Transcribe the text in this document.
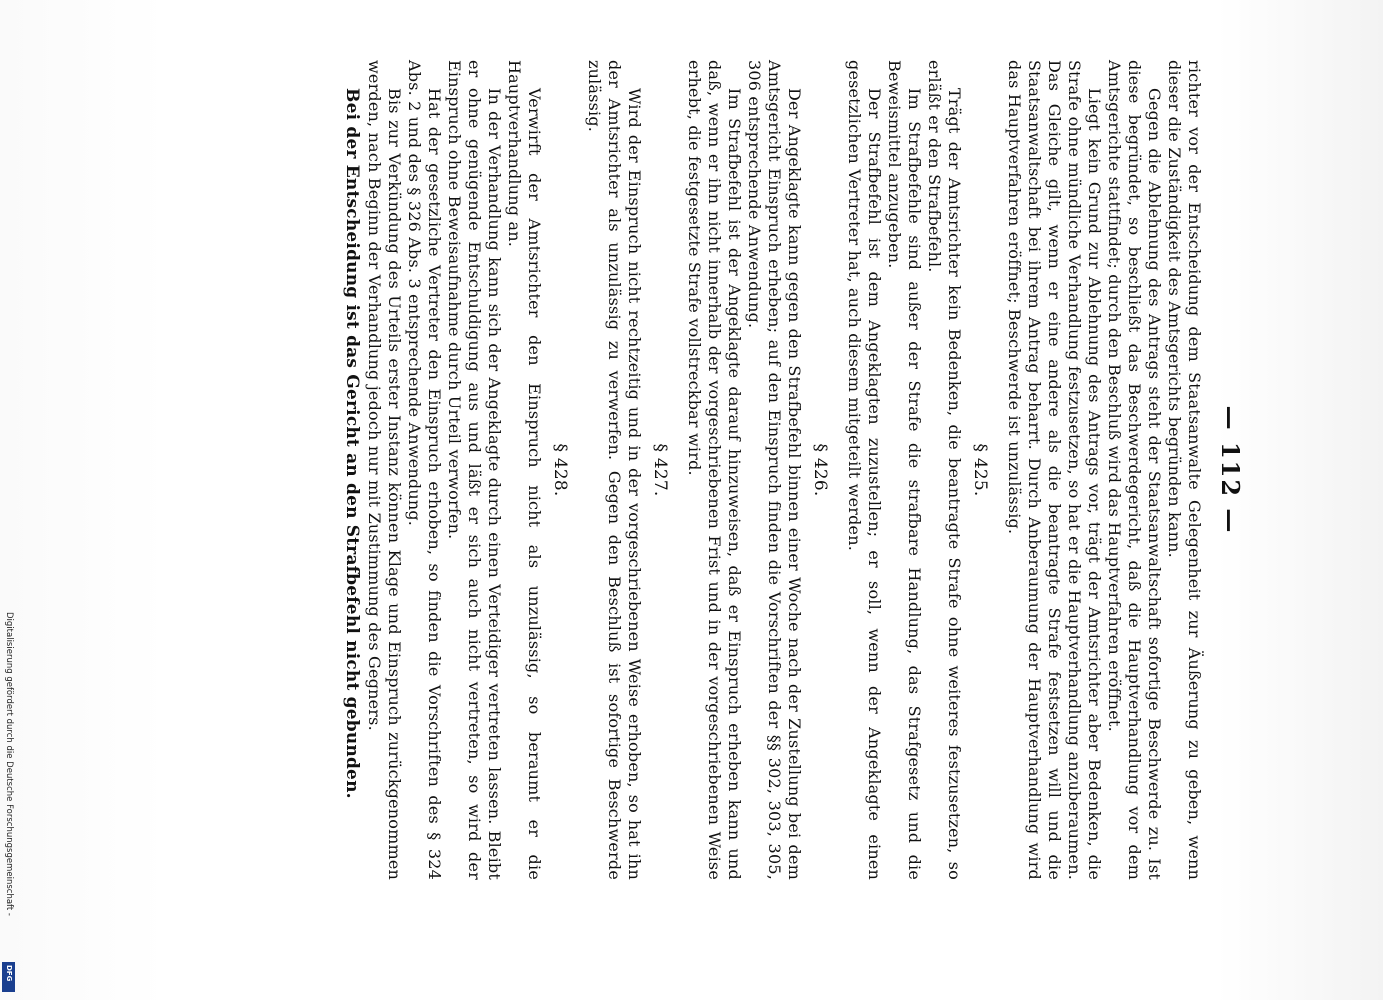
— 112 —

richter vor der Entscheidung dem Staatsanwalte Gelegenheit zur Äußerung zu geben, wenn dieser die Zuständigkeit des Amtsgerichts begründen kann.

Gegen die Ablehnung des Antrags steht der Staatsanwaltschaft sofortige Beschwerde zu. Ist diese begründet, so beschließt das Beschwerdegericht, daß die Hauptverhandlung vor dem Amtsgerichte stattfindet; durch den Beschluß wird das Hauptverfahren eröffnet.

Liegt kein Grund zur Ablehnung des Antrags vor, trägt der Amtsrichter aber Bedenken, die Strafe ohne mündliche Verhandlung festzusetzen, so hat er die Hauptverhandlung anzuberaumen. Das Gleiche gilt, wenn er eine andere als die beantragte Strafe festsetzen will und die Staatsanwaltschaft bei ihrem Antrag beharrt. Durch Anberaumung der Hauptverhandlung wird das Hauptverfahren eröffnet; Beschwerde ist unzulässig.

§ 425.

Trägt der Amtsrichter kein Bedenken, die beantragte Strafe ohne weiteres festzusetzen, so erläßt er den Strafbefehl.

Im Strafbefehle sind außer der Strafe die strafbare Handlung, das Strafgesetz und die Beweismittel anzugeben.

Der Strafbefehl ist dem Angeklagten zuzustellen; er soll, wenn der Angeklagte einen gesetzlichen Vertreter hat, auch diesem mitgeteilt werden.

§ 426.

Der Angeklagte kann gegen den Strafbefehl binnen einer Woche nach der Zustellung bei dem Amtsgericht Einspruch erheben; auf den Einspruch finden die Vorschriften der §§ 302, 303, 305, 306 entsprechende Anwendung.

Im Strafbefehl ist der Angeklagte darauf hinzuweisen, daß er Einspruch erheben kann und daß, wenn er ihn nicht innerhalb der vorgeschriebenen Frist und in der vorgeschriebenen Weise erhebt, die festgesetzte Strafe vollstreckbar wird.

§ 427.

Wird der Einspruch nicht rechtzeitig und in der vorgeschriebenen Weise erhoben, so hat ihn der Amtsrichter als unzulässig zu verwerfen. Gegen den Beschluß ist sofortige Beschwerde zulässig.

§ 428.

Verwirft der Amtsrichter den Einspruch nicht als unzulässig, so beraumt er die Hauptverhandlung an.

In der Verhandlung kann sich der Angeklagte durch einen Verteidiger vertreten lassen. Bleibt er ohne genügende Entschuldigung aus und läßt er sich auch nicht vertreten, so wird der Einspruch ohne Beweisaufnahme durch Urteil verworfen.

Hat der gesetzliche Vertreter den Einspruch erhoben, so finden die Vorschriften des § 324 Abs. 2 und des § 326 Abs. 3 entsprechende Anwendung.

Bis zur Verkündung des Urteils erster Instanz können Klage und Einspruch zurückgenommen werden, nach Beginn der Verhandlung jedoch nur mit Zustimmung des Gegners.

Bei der Entscheidung ist das Gericht an den Strafbefehl nicht gebunden.

Digitalisierung gefördert durch die Deutsche Forschungsgemeinschaft -
DFG
